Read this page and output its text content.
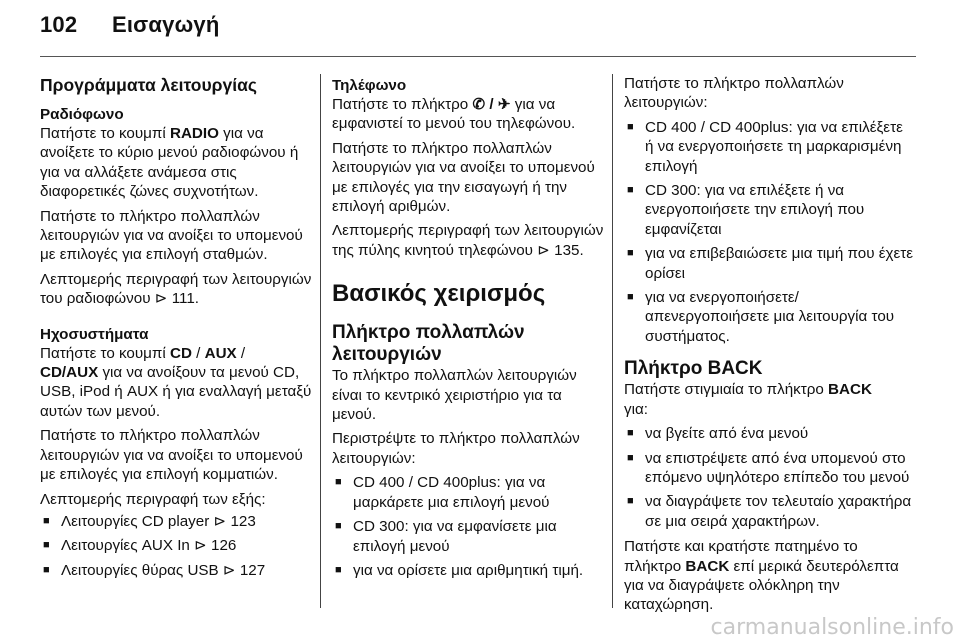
102 Εισαγωγή
Προγράμματα λειτουργίας
Ραδιόφωνο

Πατήστε το κουμπί RADIO για να ανοίξετε το κύριο μενού ραδιοφώνου ή για να αλλάξετε ανάμεσα στις διαφορετικές ζώνες συχνοτήτων.

Πατήστε το πλήκτρο πολλαπλών λειτουργιών για να ανοίξει το υπομενού με επιλογές για επιλογή σταθμών.

Λεπτομερής περιγραφή των λειτουργιών του ραδιοφώνου ⊳ 111.

Ηχοσυστήματα

Πατήστε το κουμπί CD / AUX /
CD/AUX για να ανοίξουν τα μενού CD, USB, iPod ή AUX ή για εναλλαγή μεταξύ αυτών των μενού.

Πατήστε το πλήκτρο πολλαπλών λειτουργιών για να ανοίξει το υπομενού με επιλογές για επιλογή κομματιών.

Λεπτομερής περιγραφή των εξής:

■ Λειτουργίες CD player ⊳ 123
■ Λειτουργίες AUX In ⊳ 126
■ Λειτουργίες θύρας USB ⊳ 127
Τηλέφωνο

Πατήστε το πλήκτρο ✆ / ✈ για να εμφανιστεί το μενού του τηλεφώνου.

Πατήστε το πλήκτρο πολλαπλών λειτουργιών για να ανοίξει το υπομενού με επιλογές για την εισαγωγή ή την επιλογή αριθμών.

Λεπτομερής περιγραφή των λειτουργιών της πύλης κινητού τηλεφώνου ⊳ 135.

Βασικός χειρισμός
Πλήκτρο πολλαπλών λειτουργιών

Το πλήκτρο πολλαπλών λειτουργιών είναι το κεντρικό χειριστήριο για τα μενού.

Περιστρέψτε το πλήκτρο πολλαπλών λειτουργιών:

■ CD 400 / CD 400plus: για να μαρκάρετε μια επιλογή μενού
■ CD 300: για να εμφανίσετε μια επιλογή μενού
■ για να ορίσετε μια αριθμητική τιμή.

Πατήστε το πλήκτρο πολλαπλών λειτουργιών:

■ CD 400 / CD 400plus: για να επιλέξετε ή να ενεργοποιήσετε τη μαρκαρισμένη επιλογή
■ CD 300: για να επιλέξετε ή να ενεργοποιήσετε την επιλογή που εμφανίζεται
■ για να επιβεβαιώσετε μια τιμή που έχετε ορίσει
■ για να ενεργοποιήσετε/απενεργοποιήσετε μια λειτουργία του συστήματος.
Πλήκτρο BACK

Πατήστε στιγμιαία το πλήκτρο BACK
για:

■ να βγείτε από ένα μενού
■ να επιστρέψετε από ένα υπομενού στο επόμενο υψηλότερο επίπεδο του μενού
■ να διαγράψετε τον τελευταίο χαρακτήρα σε μια σειρά χαρακτήρων.

Πατήστε και κρατήστε πατημένο το πλήκτρο BACK επί μερικά δευτερόλεπτα για να διαγράψετε ολόκληρη την καταχώρηση.

carmanualsonline.info
